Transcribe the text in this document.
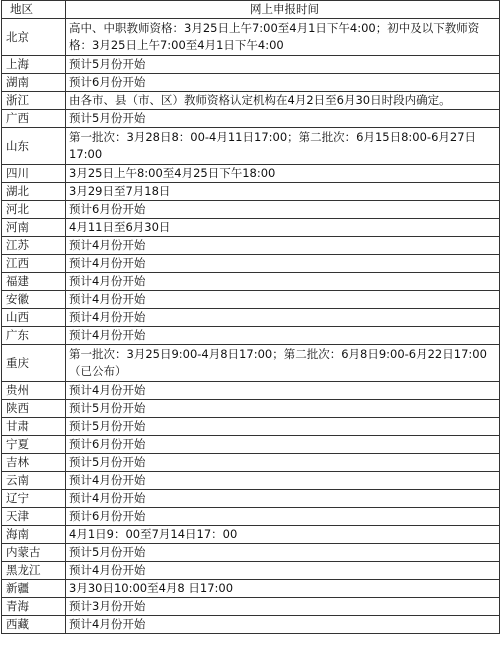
地区	网上申报时间
北京	高中、中职教师资格：3月25日上午7:00至4月1日下午4:00；初中及以下教师资格：3月25日上午7:00至4月1日下午4:00
上海	预计5月份开始
湖南	预计6月份开始
浙江	由各市、县（市、区）教师资格认定机构在4月2日至6月30日时段内确定。
广西	预计5月份开始
山东	第一批次：3月28日8：00-4月11日17:00；第二批次：6月15日8:00-6月27日17:00
四川	3月25日上午8:00至4月25日下午18:00
湖北	3月29日至7月18日
河北	预计6月份开始
河南	4月11日至6月30日
江苏	预计4月份开始
江西	预计4月份开始
福建	预计4月份开始
安徽	预计4月份开始
山西	预计4月份开始
广东	预计4月份开始
重庆	第一批次：3月25日9:00-4月8日17:00；第二批次：6月8日9:00-6月22日17:00（已公布）
贵州	预计4月份开始
陕西	预计5月份开始
甘肃	预计5月份开始
宁夏	预计6月份开始
吉林	预计5月份开始
云南	预计4月份开始
辽宁	预计4月份开始
天津	预计6月份开始
海南	4月1日9：00至7月14日17：00
内蒙古	预计5月份开始
黑龙江	预计4月份开始
新疆	3月30日10:00至4月8 日17:00
青海	预计3月份开始
西藏	预计4月份开始
